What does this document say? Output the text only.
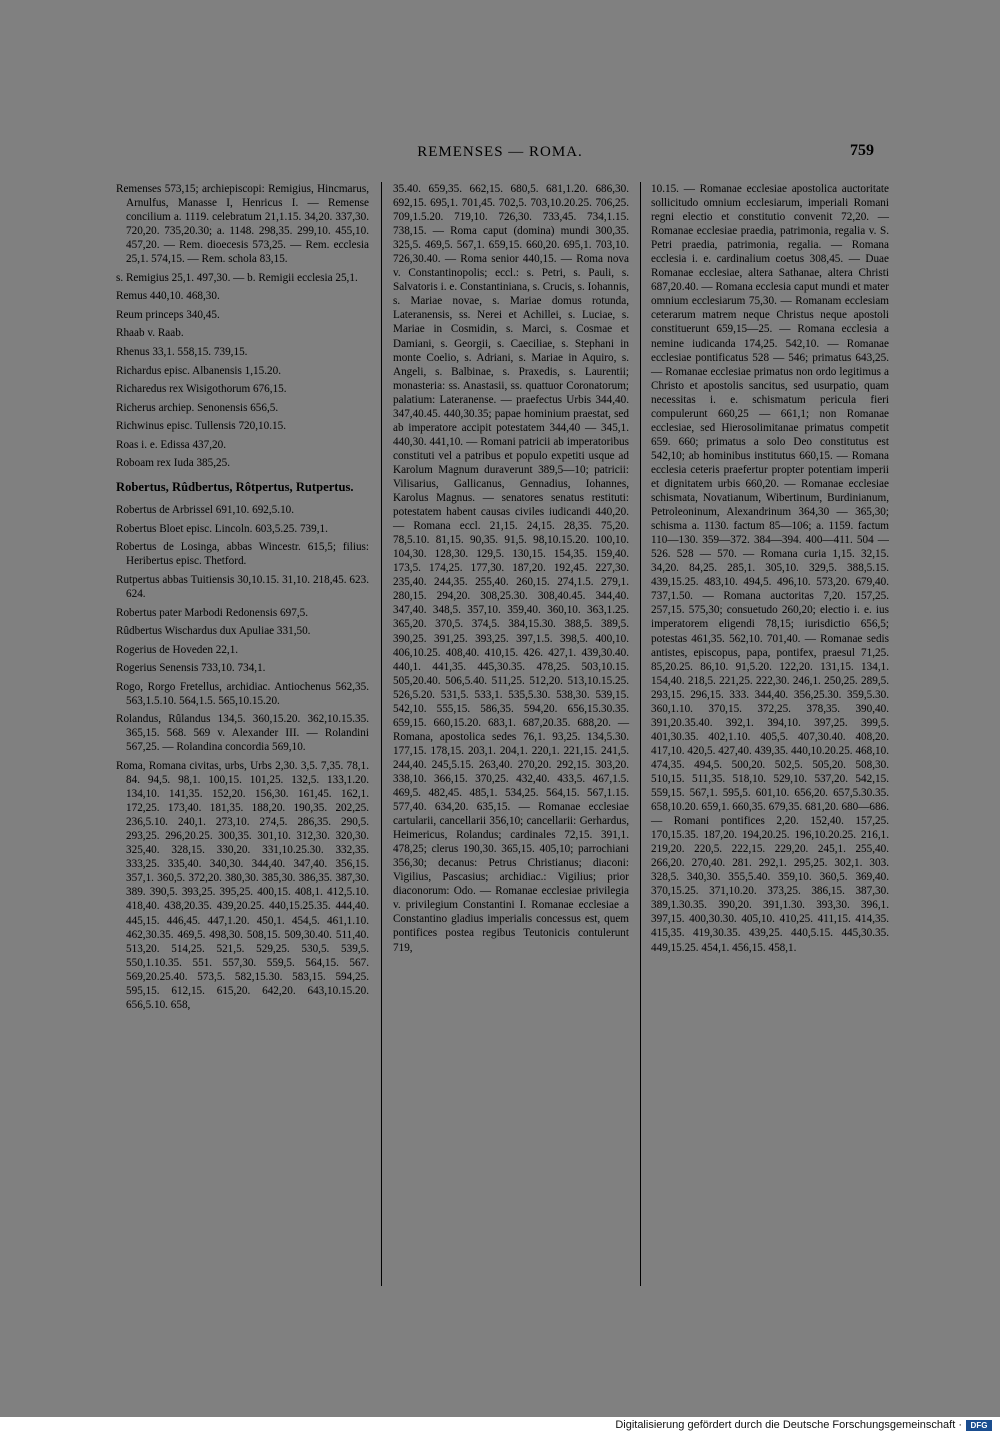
REMENSES — ROMA.	759

Remenses 573,15; archiepiscopi: Remigius, Hincmarus, Arnulfus, Manasse I, Henricus I. — Remense concilium a. 1119. celebratum 21,1.15. 34,20. 337,30. 720,20. 735,20.30; a. 1148. 298,35. 299,10. 455,10. 457,20. — Rem. dioecesis 573,25. — Rem. ecclesia 25,1. 574,15. — Rem. schola 83,15.

s. Remigius 25,1. 497,30. — b. Remigii ecclesia 25,1.

Remus 440,10. 468,30.

Reum princeps 340,45.

Rhaab v. Raab.

Rhenus 33,1. 558,15. 739,15.

Richardus episc. Albanensis 1,15.20.

Richaredus rex Wisigothorum 676,15.

Richerus archiep. Senonensis 656,5.

Richwinus episc. Tullensis 720,10.15.

Roas i. e. Edissa 437,20.

Roboam rex Iuda 385,25.

Robertus, Rûdbertus, Rôtpertus, Rutpertus.

Robertus de Arbrissel 691,10. 692,5.10.

Robertus Bloet episc. Lincoln. 603,5.25. 739,1.

Robertus de Losinga, abbas Wincestr. 615,5; filius: Heribertus episc. Thetford.

Rutpertus abbas Tuitiensis 30,10.15. 31,10. 218,45. 623. 624.

Robertus pater Marbodi Redonensis 697,5.

Rûdbertus Wischardus dux Apuliae 331,50.

Rogerius de Hoveden 22,1.

Rogerius Senensis 733,10. 734,1.

Rogo, Rorgo Fretellus, archidiac. Antiochenus 562,35. 563,1.5.10. 564,1.5. 565,10.15.20.

Rolandus, Rûlandus 134,5. 360,15.20. 362,10.15.35. 365,15. 568. 569 v. Alexander III. — Rolandini 567,25. — Rolandina concordia 569,10.

Roma, Romana civitas, urbs, Urbs 2,30. 3,5. 7,35. 78,1. 84. 94,5. 98,1. 100,15. 101,25. 132,5. 133,1.20. 134,10. 141,35. 152,20. 156,30. 161,45. 162,1. 172,25. 173,40. 181,35. 188,20. 190,35. 202,25. 236,5.10. 240,1. 273,10. 274,5. 286,35. 290,5. 293,25. 296,20.25. 300,35. 301,10. 312,30. 320,30. 325,40. 328,15. 330,20. 331,10.25.30. 332,35. 333,25. 335,40. 340,30. 344,40. 347,40. 356,15. 357,1. 360,5. 372,20. 380,30. 385,30. 386,35. 387,30. 389. 390,5. 393,25. 395,25. 400,15. 408,1. 412,5.10. 418,40. 438,20.35. 439,20.25. 440,15.25.35. 444,40. 445,15. 446,45. 447,1.20. 450,1. 454,5. 461,1.10. 462,30.35. 469,5. 498,30. 508,15. 509,30.40. 511,40. 513,20. 514,25. 521,5. 529,25. 530,5. 539,5. 550,1.10.35. 551. 557,30. 559,5. 564,15. 567. 569,20.25.40. 573,5. 582,15.30. 583,15. 594,25. 595,15. 612,15. 615,20. 642,20. 643,10.15.20. 656,5.10. 658,

35.40. 659,35. 662,15. 680,5. 681,1.20. 686,30. 692,15. 695,1. 701,45. 702,5. 703,10.20.25. 706,25. 709,1.5.20. 719,10. 726,30. 733,45. 734,1.15. 738,15. — Roma caput (domina) mundi 300,35. 325,5. 469,5. 567,1. 659,15. 660,20. 695,1. 703,10. 726,30.40. — Roma senior 440,15. — Roma nova v. Constantinopolis; eccl.: s. Petri, s. Pauli, s. Salvatoris i. e. Constantiniana, s. Crucis, s. Iohannis, s. Mariae novae, s. Mariae domus rotunda, Lateranensis, ss. Nerei et Achillei, s. Luciae, s. Mariae in Cosmidin, s. Marci, s. Cosmae et Damiani, s. Georgii, s. Caeciliae, s. Stephani in monte Coelio, s. Adriani, s. Mariae in Aquiro, s. Angeli, s. Balbinae, s. Praxedis, s. Laurentii; monasteria: ss. Anastasii, ss. quattuor Coronatorum; palatium: Lateranense. — praefectus Urbis 344,40. 347,40.45. 440,30.35; papae hominium praestat, sed ab imperatore accipit potestatem 344,40 — 345,1. 440,30. 441,10. — Romani patricii ab imperatoribus constituti vel a patribus et populo expetiti usque ad Karolum Magnum duraverunt 389,5—10; patricii: Vilisarius, Gallicanus, Gennadius, Iohannes, Karolus Magnus. — senatores senatus restituti: potestatem habent causas civiles iudicandi 440,20. — Romana eccl. 21,15. 24,15. 28,35. 75,20. 78,5.10. 81,15. 90,35. 91,5. 98,10.15.20. 100,10. 104,30. 128,30. 129,5. 130,15. 154,35. 159,40. 173,5. 174,25. 177,30. 187,20. 192,45. 227,30. 235,40. 244,35. 255,40. 260,15. 274,1.5. 279,1. 280,15. 294,20. 308,25.30. 308,40.45. 344,40. 347,40. 348,5. 357,10. 359,40. 360,10. 363,1.25. 365,20. 370,5. 374,5. 384,15.30. 388,5. 389,5. 390,25. 391,25. 393,25. 397,1.5. 398,5. 400,10. 406,10.25. 408,40. 410,15. 426. 427,1. 439,30.40. 440,1. 441,35. 445,30.35. 478,25. 503,10.15. 505,20.40. 506,5.40. 511,25. 512,20. 513,10.15.25. 526,5.20. 531,5. 533,1. 535,5.30. 538,30. 539,15. 542,10. 555,15. 586,35. 594,20. 656,15.30.35. 659,15. 660,15.20. 683,1. 687,20.35. 688,20. — Romana, apostolica sedes 76,1. 93,25. 134,5.30. 177,15. 178,15. 203,1. 204,1. 220,1. 221,15. 241,5. 244,40. 245,5.15. 263,40. 270,20. 292,15. 303,20. 338,10. 366,15. 370,25. 432,40. 433,5. 467,1.5. 469,5. 482,45. 485,1. 534,25. 564,15. 567,1.15. 577,40. 634,20. 635,15. — Romanae ecclesiae cartularii, cancellarii 356,10; cancellarii: Gerhardus, Heimericus, Rolandus; cardinales 72,15. 391,1. 478,25; clerus 190,30. 365,15. 405,10; parrochiani 356,30; decanus: Petrus Christianus; diaconi: Vigilius, Pascasius; archidiac.: Vigilius; prior diaconorum: Odo. — Romanae ecclesiae privilegia v. privilegium Constantini I. Romanae ecclesiae a Constantino gladius imperialis concessus est, quem pontifices postea regibus Teutonicis contulerunt 719,

10.15. — Romanae ecclesiae apostolica auctoritate sollicitudo omnium ecclesiarum, imperiali Romani regni electio et constitutio convenit 72,20. — Romanae ecclesiae praedia, patrimonia, regalia v. S. Petri praedia, patrimonia, regalia. — Romana ecclesia i. e. cardinalium coetus 308,45. — Duae Romanae ecclesiae, altera Sathanae, altera Christi 687,20.40. — Romana ecclesia caput mundi et mater omnium ecclesiarum 75,30. — Romanam ecclesiam ceterarum matrem neque Christus neque apostoli constituerunt 659,15—25. — Romana ecclesia a nemine iudicanda 174,25. 542,10. — Romanae ecclesiae pontificatus 528 — 546; primatus 643,25. — Romanae ecclesiae primatus non ordo legitimus a Christo et apostolis sancitus, sed usurpatio, quam necessitas i. e. schismatum pericula fieri compulerunt 660,25 — 661,1; non Romanae ecclesiae, sed Hierosolimitanae primatus competit 659. 660; primatus a solo Deo constitutus est 542,10; ab hominibus institutus 660,15. — Romana ecclesia ceteris praefertur propter potentiam imperii et dignitatem urbis 660,20. — Romanae ecclesiae schismata, Novatianum, Wibertinum, Burdinianum, Petroleoninum, Alexandrinum 364,30 — 365,30; schisma a. 1130. factum 85—106; a. 1159. factum 110—130. 359—372. 384—394. 400—411. 504 — 526. 528 — 570. — Romana curia 1,15. 32,15. 34,20. 84,25. 285,1. 305,10. 329,5. 388,5.15. 439,15.25. 483,10. 494,5. 496,10. 573,20. 679,40. 737,1.50. — Romana auctoritas 7,20. 157,25. 257,15. 575,30; consuetudo 260,20; electio i. e. ius imperatorem eligendi 78,15; iurisdictio 656,5; potestas 461,35. 562,10. 701,40. — Romanae sedis antistes, episcopus, papa, pontifex, praesul 71,25. 85,20.25. 86,10. 91,5.20. 122,20. 131,15. 134,1. 154,40. 218,5. 221,25. 222,30. 246,1. 250,25. 289,5. 293,15. 296,15. 333. 344,40. 356,25.30. 359,5.30. 360,1.10. 370,15. 372,25. 378,35. 390,40. 391,20.35.40. 392,1. 394,10. 397,25. 399,5. 401,30.35. 402,1.10. 405,5. 407,30.40. 408,20. 417,10. 420,5. 427,40. 439,35. 440,10.20.25. 468,10. 474,35. 494,5. 500,20. 502,5. 505,20. 508,30. 510,15. 511,35. 518,10. 529,10. 537,20. 542,15. 559,15. 567,1. 595,5. 601,10. 656,20. 657,5.30.35. 658,10.20. 659,1. 660,35. 679,35. 681,20. 680—686. — Romani pontifices 2,20. 152,40. 157,25. 170,15.35. 187,20. 194,20.25. 196,10.20.25. 216,1. 219,20. 220,5. 222,15. 229,20. 245,1. 255,40. 266,20. 270,40. 281. 292,1. 295,25. 302,1. 303. 328,5. 340,30. 355,5.40. 359,10. 360,5. 369,40. 370,15.25. 371,10.20. 373,25. 386,15. 387,30. 389,1.30.35. 390,20. 391,1.30. 393,30. 396,1. 397,15. 400,30.30. 405,10. 410,25. 411,15. 414,35. 415,35. 419,30.35. 439,25. 440,5.15. 445,30.35. 449,15.25. 454,1. 456,15. 458,1.

Digitalisierung gefördert durch die Deutsche Forschungsgemeinschaft ·	DFG
